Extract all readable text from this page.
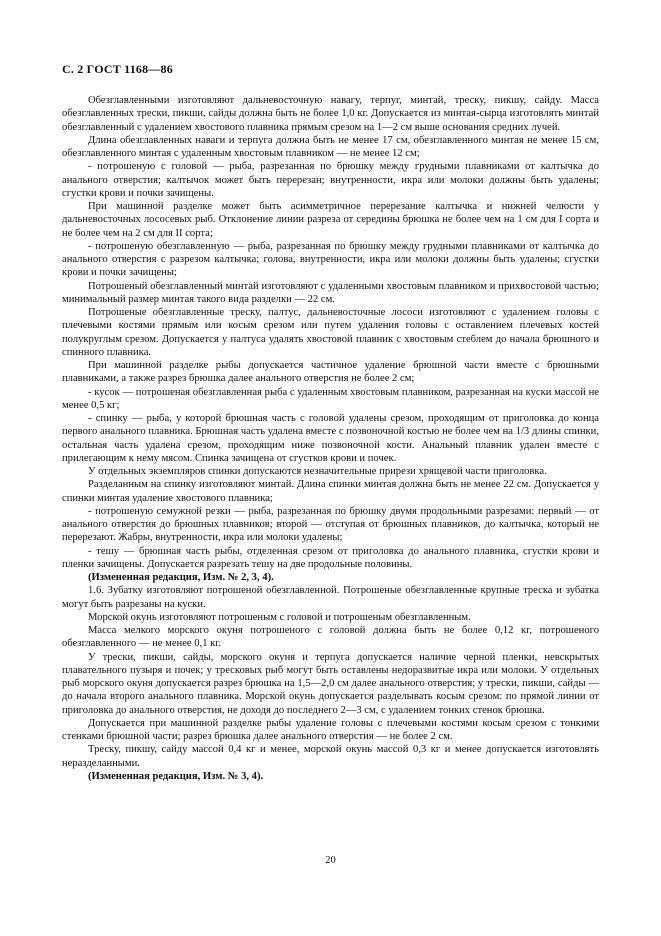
С. 2 ГОСТ 1168—86

Обезглавленными изготовляют дальневосточную навагу, терпуг, минтай, треску, пикшу, сайду. Масса обезглавленных трески, пикши, сайды должна быть не более 1,0 кг. Допускается из минтая-сырца изготовлять минтай обезглавленный с удалением хвостового плавника прямым срезом на 1—2 см выше основания средних лучей.

Длина обезглавленных наваги и терпуга должна быть не менее 17 см, обезглавленного минтая не менее 15 см, обезглавленного минтая с удаленным хвостовым плавником — не менее 12 см;

- потрошеную с головой — рыба, разрезанная по брюшку между грудными плавниками от калтычка до анального отверстия; калтычок может быть перерезан; внутренности, икра или молоки должны быть удалены; сгустки крови и почки зачищены.

При машинной разделке может быть асимметричное перерезание калтычка и нижней челюсти у дальневосточных лососевых рыб. Отклонение линии разреза от середины брюшка не более чем на 1 см для I сорта и не более чем на 2 см для II сорта;

- потрошеную обезглавленную — рыба, разрезанная по брюшку между грудными плавниками от калтычка до анального отверстия с разрезом калтычка; голова, внутренности, икра или молоки должны быть удалены; сгустки крови и почки зачищены;

Потрошеный обезглавленный минтай изготовляют с удаленными хвостовым плавником и прихвостовой частью; минимальный размер минтая такого вида разделки — 22 см.

Потрошеные обезглавленные треску, палтус, дальневосточные лососи изготовляют с удалением головы с плечевыми костями прямым или косым срезом или путем удаления головы с оставлением плечевых костей полукруглым срезом. Допускается у палтуса удалять хвостовой плавник с хвостовым стеблем до начала брюшного и спинного плавника.

При машинной разделке рыбы допускается частичное удаление брюшной части вместе с брюшными плавниками, а также разрез брюшка далее анального отверстия не более 2 см;

- кусок — потрошеная обезглавленная рыба с удаленным хвостовым плавником, разрезанная на куски массой не менее 0,5 кг;

- спинку — рыба, у которой брюшная часть с головой удалены срезом, проходящим от приголовка до конца первого анального плавника. Брюшная часть удалена вместе с позвоночной костью не более чем на 1/3 длины спинки, остальная часть удалена срезом, проходящим ниже позвоночной кости. Анальный плавник удален вместе с прилегающим к нему мясом. Спинка зачищена от сгустков крови и почек.

У отдельных экземпляров спинки допускаются незначительные прирези хрящевой части приголовка.

Разделанным на спинку изготовляют минтай. Длина спинки минтая должна быть не менее 22 см. Допускается у спинки минтая удаление хвостового плавника;

- потрошеную семужной резки — рыба, разрезанная по брюшку двумя продольными разрезами: первый — от анального отверстия до брюшных плавников; второй — отступая от брюшных плавников, до калтычка, который не перерезают. Жабры, внутренности, икра или молоки удалены;

- тешу — брюшная часть рыбы, отделенная срезом от приголовка до анального плавника, сгустки крови и пленки зачищены. Допускается разрезать тешу на две продольные половины.

(Измененная редакция, Изм. № 2, 3, 4).

1.6. Зубатку изготовляют потрошеной обезглавленной. Потрошеные обезглавленные крупные треска и зубатка могут быть разрезаны на куски.

Морской окунь изготовляют потрошеным с головой и потрошеным обезглавленным.

Масса мелкого морского окуня потрошеного с головой должна быть не более 0,12 кг, потрошеного обезглавленного — не менее 0,1 кг.

У трески, пикши, сайды, морского окуня и терпуга допускается наличие черной пленки, невскрытых плавательного пузыря и почек; у тресковых рыб могут быть оставлены недоразвитые икра или молоки. У отдельных рыб морского окуня допускается разрез брюшка на 1,5—2,0 см далее анального отверстия; у трески, пикши, сайды — до начала второго анального плавника. Морской окунь допускается разделывать косым срезом: по прямой линии от приголовка до анального отверстия, не доходя до последнего 2—3 см, с удалением тонких стенок брюшка.

Допускается при машинной разделке рыбы удаление головы с плечевыми костями косым срезом с тонкими стенками брюшной части; разрез брюшка далее анального отверстия — не более 2 см.

Треску, пикшу, сайду массой 0,4 кг и менее, морской окунь массой 0,3 кг и менее допускается изготовлять неразделанными.

(Измененная редакция, Изм. № 3, 4).

20
